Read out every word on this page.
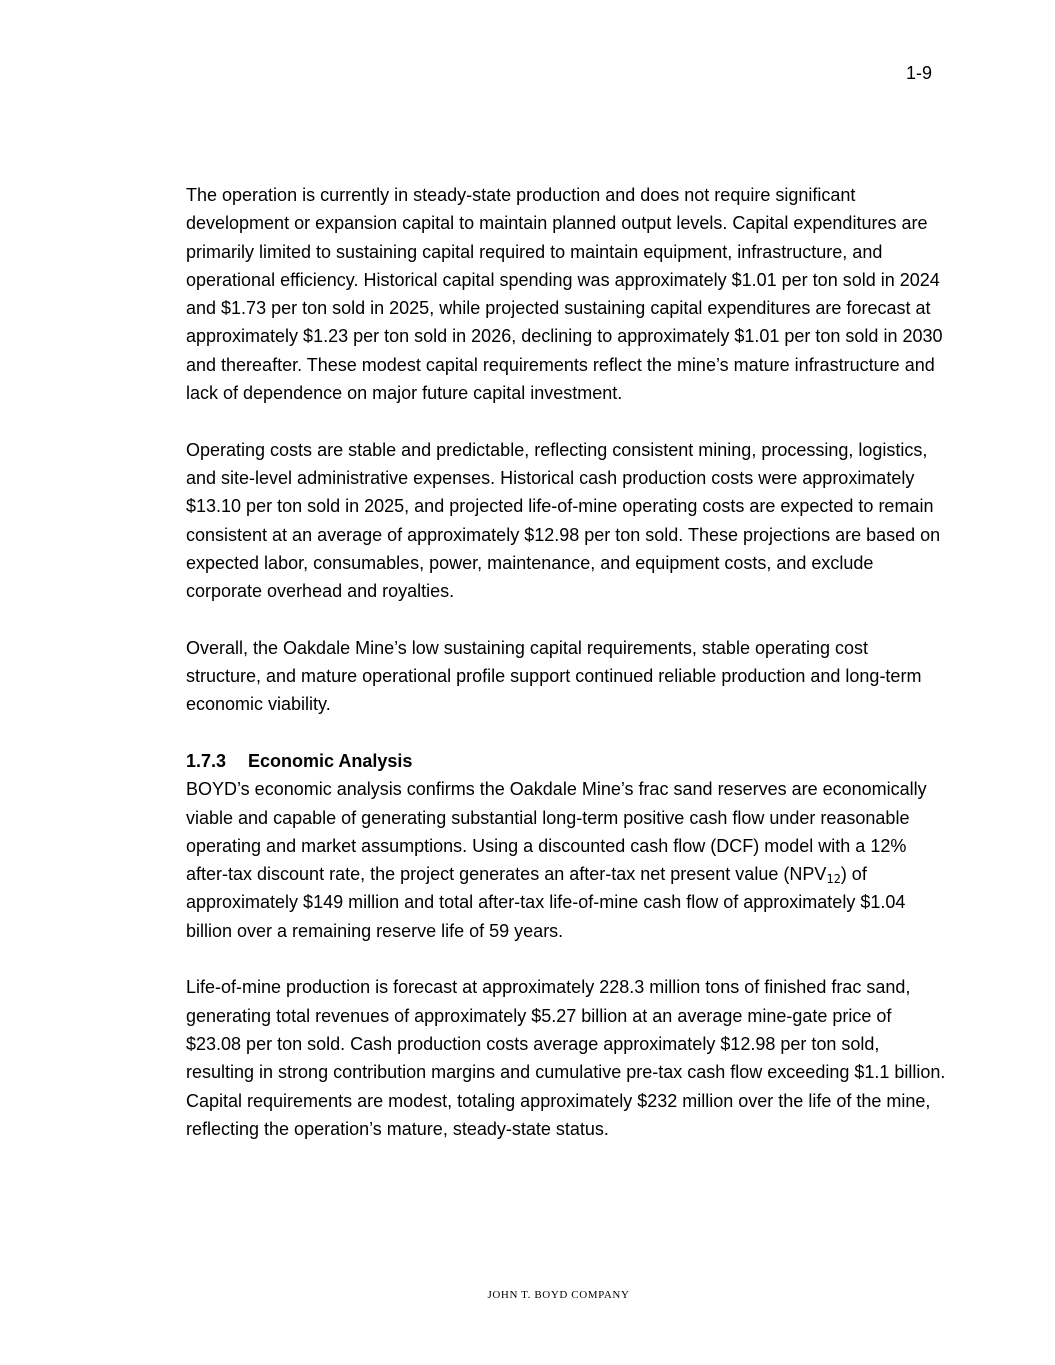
1-9

The operation is currently in steady-state production and does not require significant development or expansion capital to maintain planned output levels. Capital expenditures are primarily limited to sustaining capital required to maintain equipment, infrastructure, and operational efficiency. Historical capital spending was approximately $1.01 per ton sold in 2024 and $1.73 per ton sold in 2025, while projected sustaining capital expenditures are forecast at approximately $1.23 per ton sold in 2026, declining to approximately $1.01 per ton sold in 2030 and thereafter. These modest capital requirements reflect the mine’s mature infrastructure and lack of dependence on major future capital investment.

Operating costs are stable and predictable, reflecting consistent mining, processing, logistics, and site-level administrative expenses. Historical cash production costs were approximately $13.10 per ton sold in 2025, and projected life-of-mine operating costs are expected to remain consistent at an average of approximately $12.98 per ton sold. These projections are based on expected labor, consumables, power, maintenance, and equipment costs, and exclude corporate overhead and royalties.

Overall, the Oakdale Mine’s low sustaining capital requirements, stable operating cost structure, and mature operational profile support continued reliable production and long-term economic viability.

1.7.3 Economic Analysis

BOYD’s economic analysis confirms the Oakdale Mine’s frac sand reserves are economically viable and capable of generating substantial long-term positive cash flow under reasonable operating and market assumptions. Using a discounted cash flow (DCF) model with a 12% after-tax discount rate, the project generates an after-tax net present value $(NPV_{12})$ of approximately $149 million and total after-tax life-of-mine cash flow of approximately $1.04 billion over a remaining reserve life of 59 years.

Life-of-mine production is forecast at approximately 228.3 million tons of finished frac sand, generating total revenues of approximately $5.27 billion at an average mine-gate price of $23.08 per ton sold. Cash production costs average approximately $12.98 per ton sold, resulting in strong contribution margins and cumulative pre-tax cash flow exceeding $1.1 billion. Capital requirements are modest, totaling approximately $232 million over the life of the mine, reflecting the operation’s mature, steady-state status.

JOHN T. BOYD COMPANY
